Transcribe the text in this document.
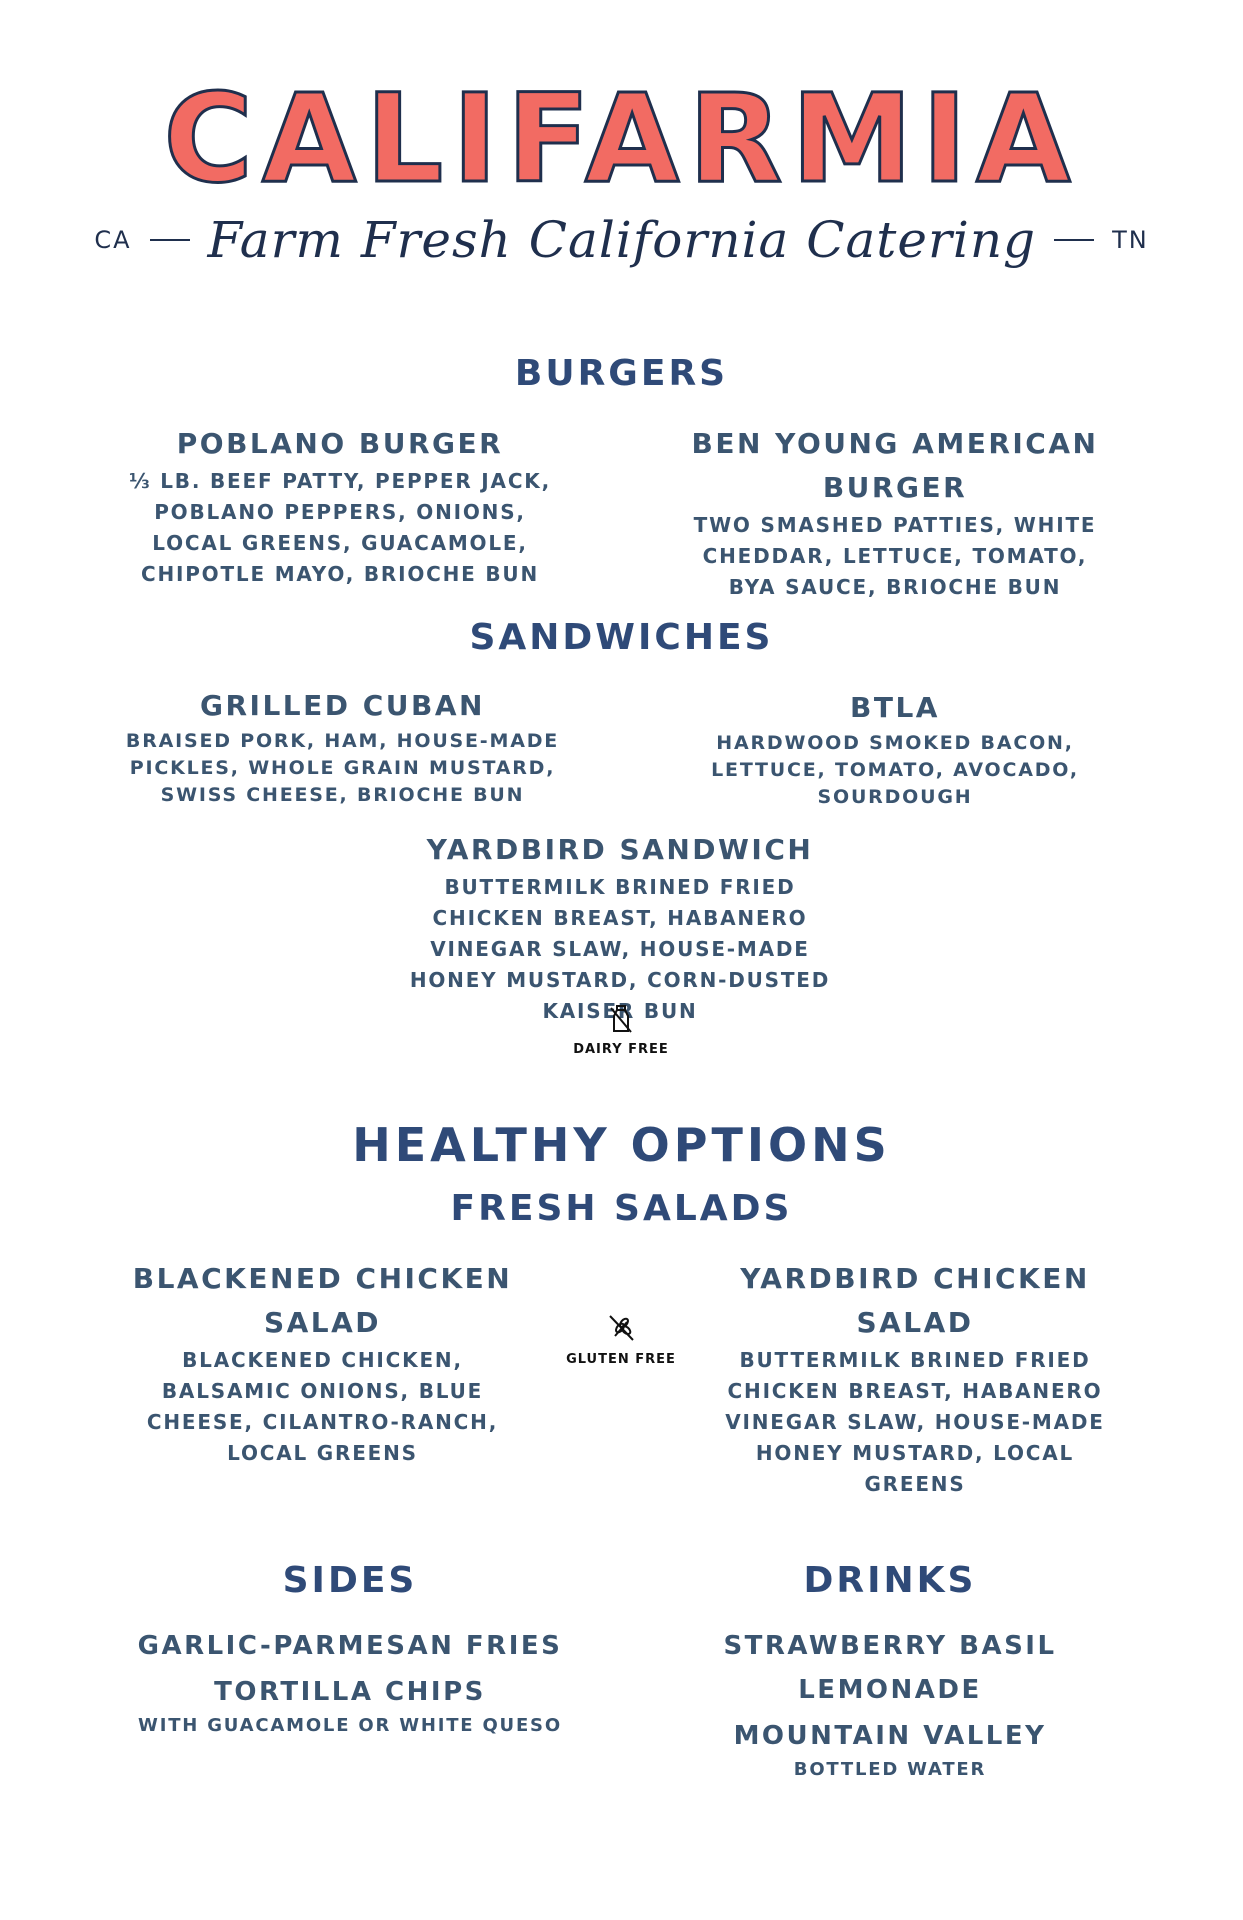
CALIFARMIA
CA Farm Fresh California Catering	TN
BURGERS
POBLANO BURGER
⅓ LB. BEEF PATTY, PEPPER JACK, POBLANO PEPPERS, ONIONS, LOCAL GREENS, GUACAMOLE, CHIPOTLE MAYO, BRIOCHE BUN
BEN YOUNG AMERICAN BURGER
TWO SMASHED PATTIES, WHITE CHEDDAR, LETTUCE, TOMATO, BYA SAUCE, BRIOCHE BUN
SANDWICHES
GRILLED CUBAN
BRAISED PORK, HAM, HOUSE-MADE PICKLES, WHOLE GRAIN MUSTARD, SWISS CHEESE, BRIOCHE BUN
BTLA
HARDWOOD SMOKED BACON, LETTUCE, TOMATO, AVOCADO, SOURDOUGH
YARDBIRD SANDWICH
BUTTERMILK BRINED FRIED CHICKEN BREAST, HABANERO VINEGAR SLAW, HOUSE-MADE HONEY MUSTARD, CORN-DUSTED KAISER BUN
DAIRY FREE
HEALTHY OPTIONS
FRESH SALADS
BLACKENED CHICKEN SALAD
BLACKENED CHICKEN, BALSAMIC ONIONS, BLUE CHEESE, CILANTRO-RANCH, LOCAL GREENS
GLUTEN FREE
YARDBIRD CHICKEN SALAD
BUTTERMILK BRINED FRIED CHICKEN BREAST, HABANERO VINEGAR SLAW, HOUSE-MADE HONEY MUSTARD, LOCAL GREENS
SIDES
GARLIC-PARMESAN FRIES
TORTILLA CHIPS
WITH GUACAMOLE OR WHITE QUESO
DRINKS
STRAWBERRY BASIL LEMONADE
MOUNTAIN VALLEY
BOTTLED WATER
